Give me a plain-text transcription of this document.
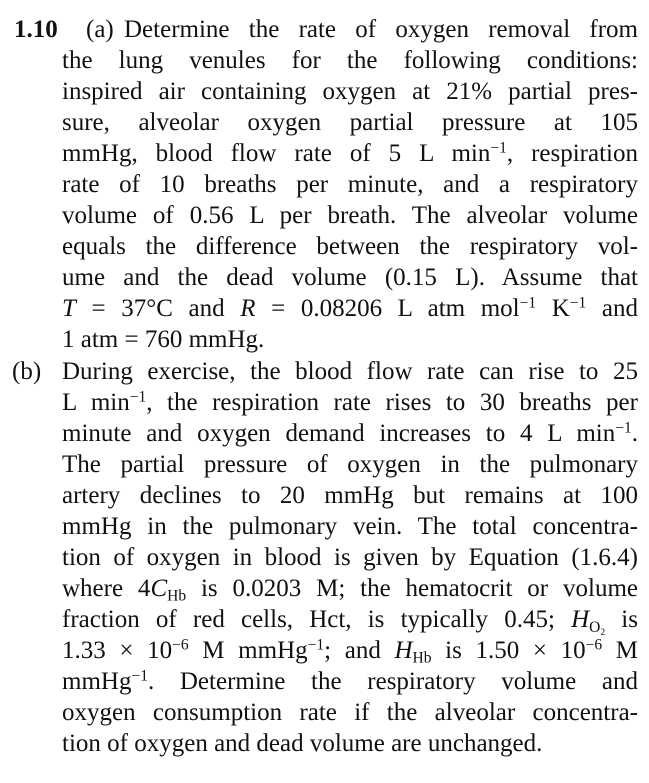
1.10 (a) Determine the rate of oxygen removal from
the lung venules for the following conditions:
inspired air containing oxygen at 21% partial pres-
sure, alveolar oxygen partial pressure at 105
mmHg, blood flow rate of 5 L $\min^{-1}$, respiration
rate of 10 breaths per minute, and a respiratory
volume of 0.56 L per breath. The alveolar volume
equals the difference between the respiratory vol-
ume and the dead volume (0.15 L). Assume that
T = 37°C and R = 0.08206 L atm mol$^{-1}$ $K^{-1}$ and
1 atm = 760 mmHg.
(b) During exercise, the blood flow rate can rise to 25
L $\min^{-1}$, the respiration rate rises to 30 breaths per
minute and oxygen demand increases to 4 L $\min^{-1}$.
The partial pressure of oxygen in the pulmonary
artery declines to 20 mmHg but remains at 100
mmHg in the pulmonary vein. The total concentra-
tion of oxygen in blood is given by Equation (1.6.4)
where $4C_{Hb}$ is 0.0203 M; the hematocrit or volume
fraction of red cells, Hct, is typically 0.45; $H_{O_2}$ is
$1.33 \times 10^{-6}$ M mmHg$^{-1}$; and $H_{Hb}$ is $1.50 \times 10^{-6}$ M
mmHg$^{-1}$. Determine the respiratory volume and
oxygen consumption rate if the alveolar concentra-
tion of oxygen and dead volume are unchanged.
